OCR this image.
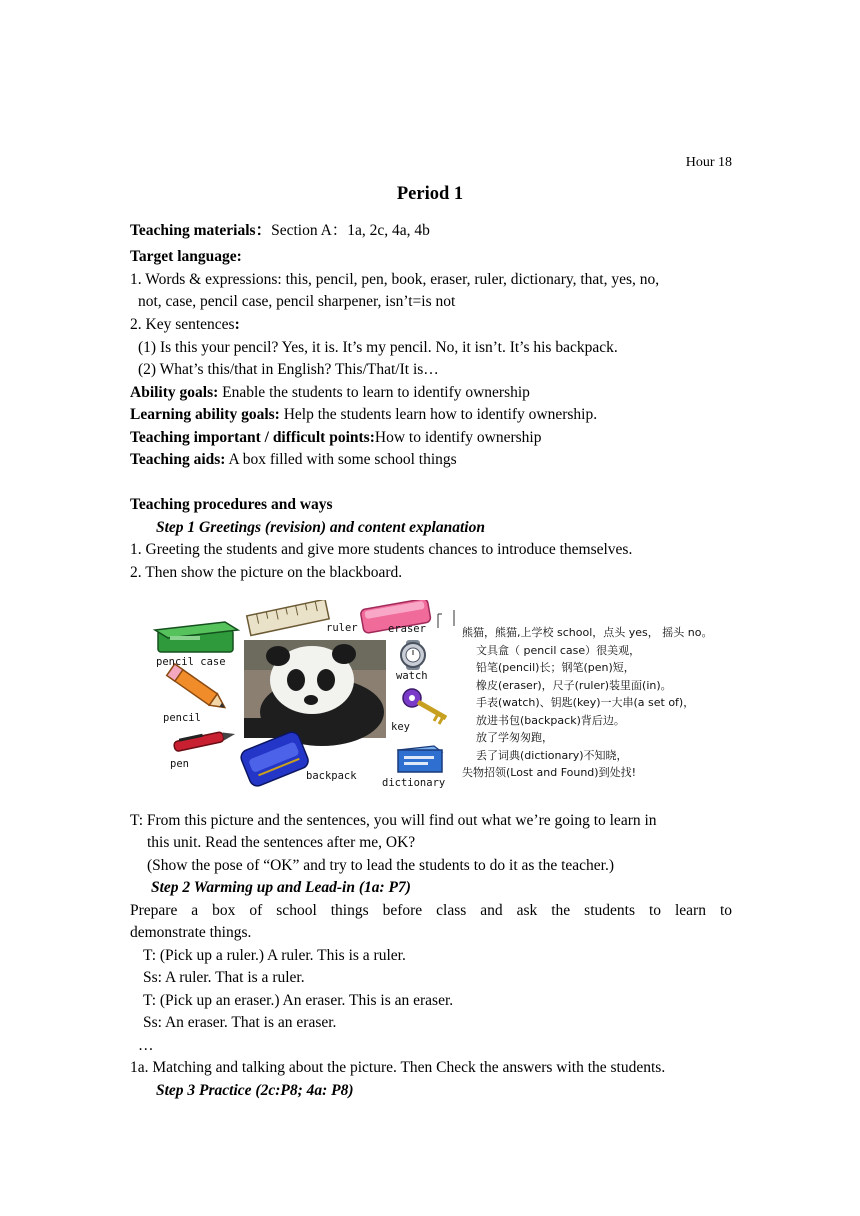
Hour 18
Period 1
Teaching materials：Section A：1a, 2c, 4a, 4b
Target language:
1. Words & expressions: this, pencil, pen, book, eraser, ruler, dictionary, that, yes, no,
not, case, pencil case, pencil sharpener, isn’t=is not
2. Key sentences:
(1) Is this your pencil? Yes, it is. It’s my pencil. No, it isn’t. It’s his backpack.
(2) What’s this/that in English? This/That/It is…
Ability goals: Enable the students to learn to identify ownership
Learning ability goals: Help the students learn how to identify ownership.
Teaching important / difficult points:How to identify ownership
Teaching aids: A box filled with some school things
Teaching procedures and ways
Step 1 Greetings (revision) and content explanation
1. Greeting the students and give more students chances to introduce themselves.
2. Then show the picture on the blackboard.
ruler	eraser
pencil case
watch
pencil
key
pen
backpack
dictionary
熊猫，熊猫,上学校 school，点头 yes， 摇头 no。
文具盒（ pencil case）很美观，
铅笔(pencil)长；钢笔(pen)短，
橡皮(eraser)，尺子(ruler)装里面(in)。
手表(watch)、钥匙(key)一大串(a set of)，
放进书包(backpack)背后边。
放了学匆匆跑，
丢了词典(dictionary)不知晓，
失物招领(Lost and Found)到处找!
T: From this picture and the sentences, you will find out what we’re going to learn in
this unit. Read the sentences after me, OK?
(Show the pose of “OK” and try to lead the students to do it as the teacher.)
Step 2 Warming up and Lead-in (1a: P7)
Prepare a box of school things before class and ask the students to learn to
demonstrate things.
T: (Pick up a ruler.) A ruler. This is a ruler.
Ss: A ruler. That is a ruler.
T: (Pick up an eraser.) An eraser. This is an eraser.
Ss: An eraser. That is an eraser.
…
1a. Matching and talking about the picture. Then Check the answers with the students.
Step 3 Practice (2c:P8; 4a: P8)
